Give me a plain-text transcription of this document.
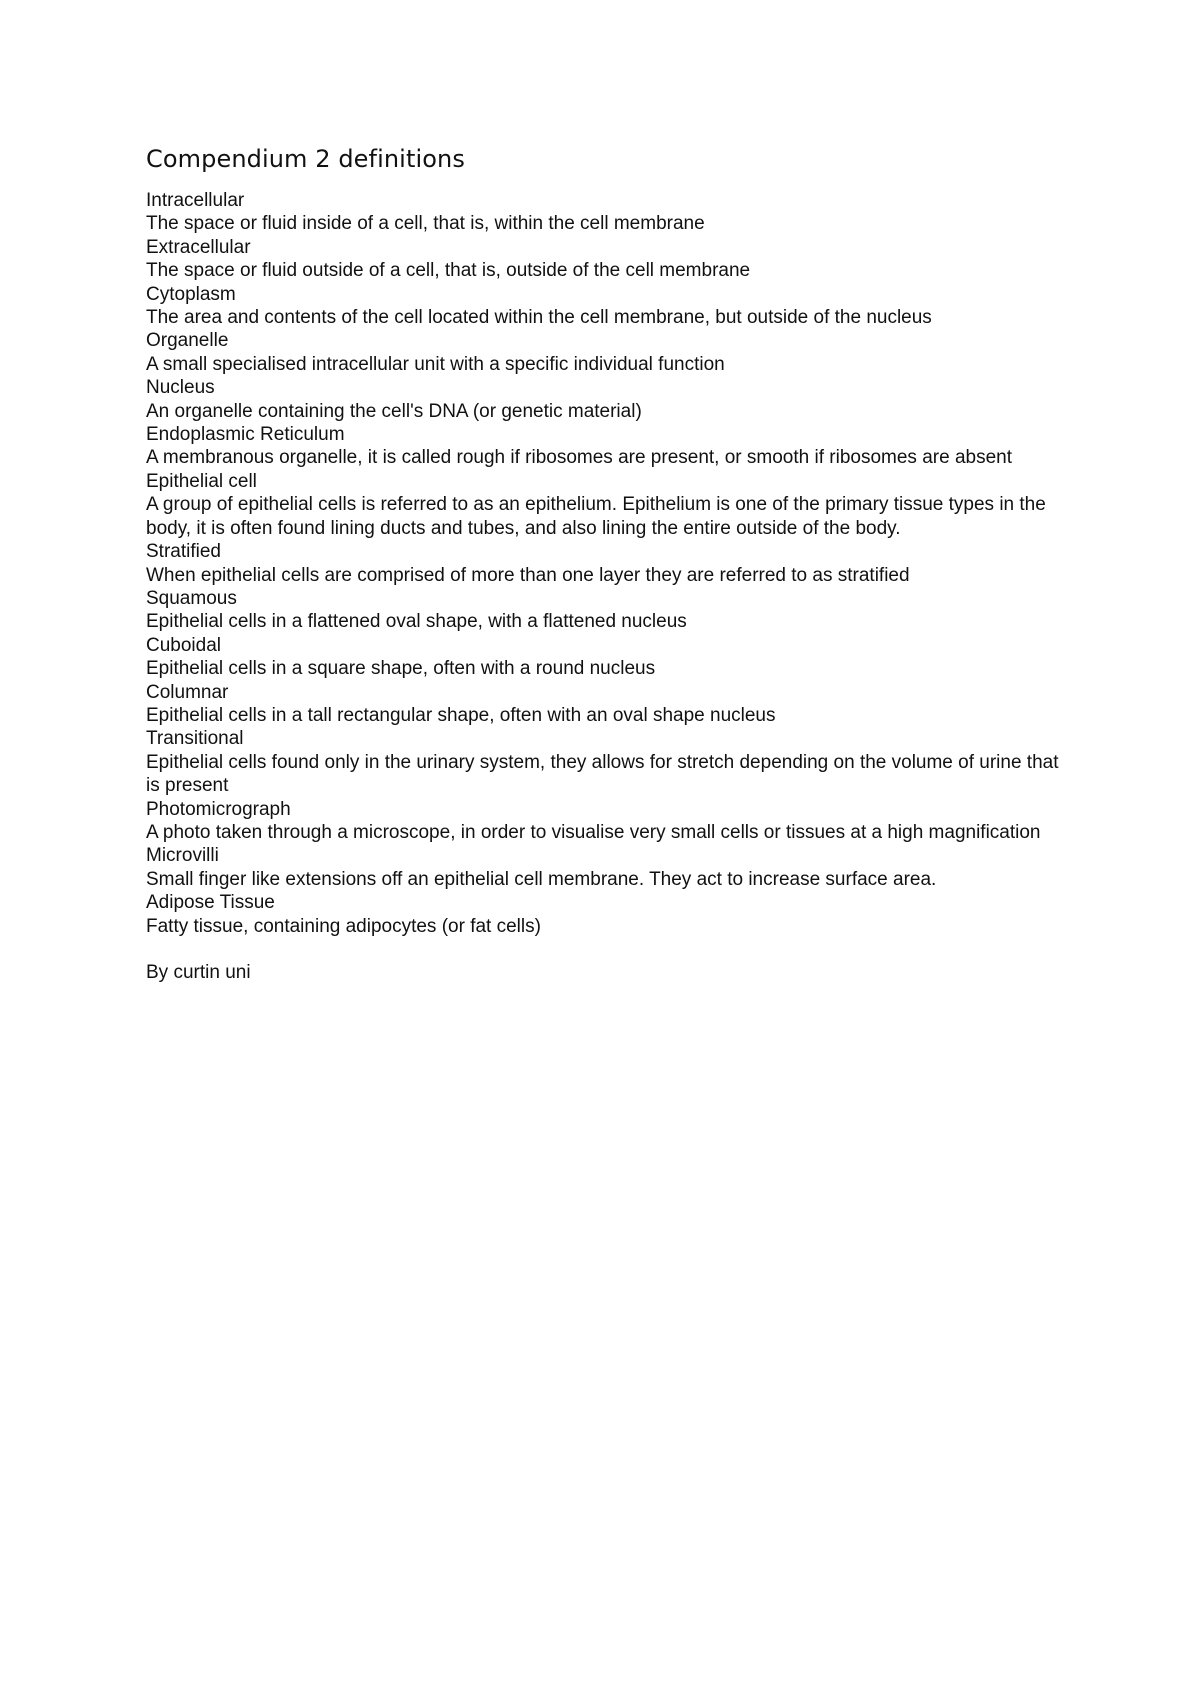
Compendium 2 definitions

Intracellular

The space or fluid inside of a cell, that is, within the cell membrane

Extracellular

The space or fluid outside of a cell, that is, outside of the cell membrane

Cytoplasm

The area and contents of the cell located within the cell membrane, but outside of the nucleus

Organelle

A small specialised intracellular unit with a specific individual function

Nucleus

An organelle containing the cell's DNA (or genetic material)

Endoplasmic Reticulum

A membranous organelle, it is called rough if ribosomes are present, or smooth if ribosomes are absent

Epithelial cell

A group of epithelial cells is referred to as an epithelium. Epithelium is one of the primary tissue types in the body, it is often found lining ducts and tubes, and also lining the entire outside of the body.

Stratified

When epithelial cells are comprised of more than one layer they are referred to as stratified

Squamous

Epithelial cells in a flattened oval shape, with a flattened nucleus

Cuboidal

Epithelial cells in a square shape, often with a round nucleus

Columnar

Epithelial cells in a tall rectangular shape, often with an oval shape nucleus

Transitional

Epithelial cells found only in the urinary system, they allows for stretch depending on the volume of urine that is present

Photomicrograph

A photo taken through a microscope, in order to visualise very small cells or tissues at a high magnification

Microvilli

Small finger like extensions off an epithelial cell membrane. They act to increase surface area.

Adipose Tissue

Fatty tissue, containing adipocytes (or fat cells)

By curtin uni
